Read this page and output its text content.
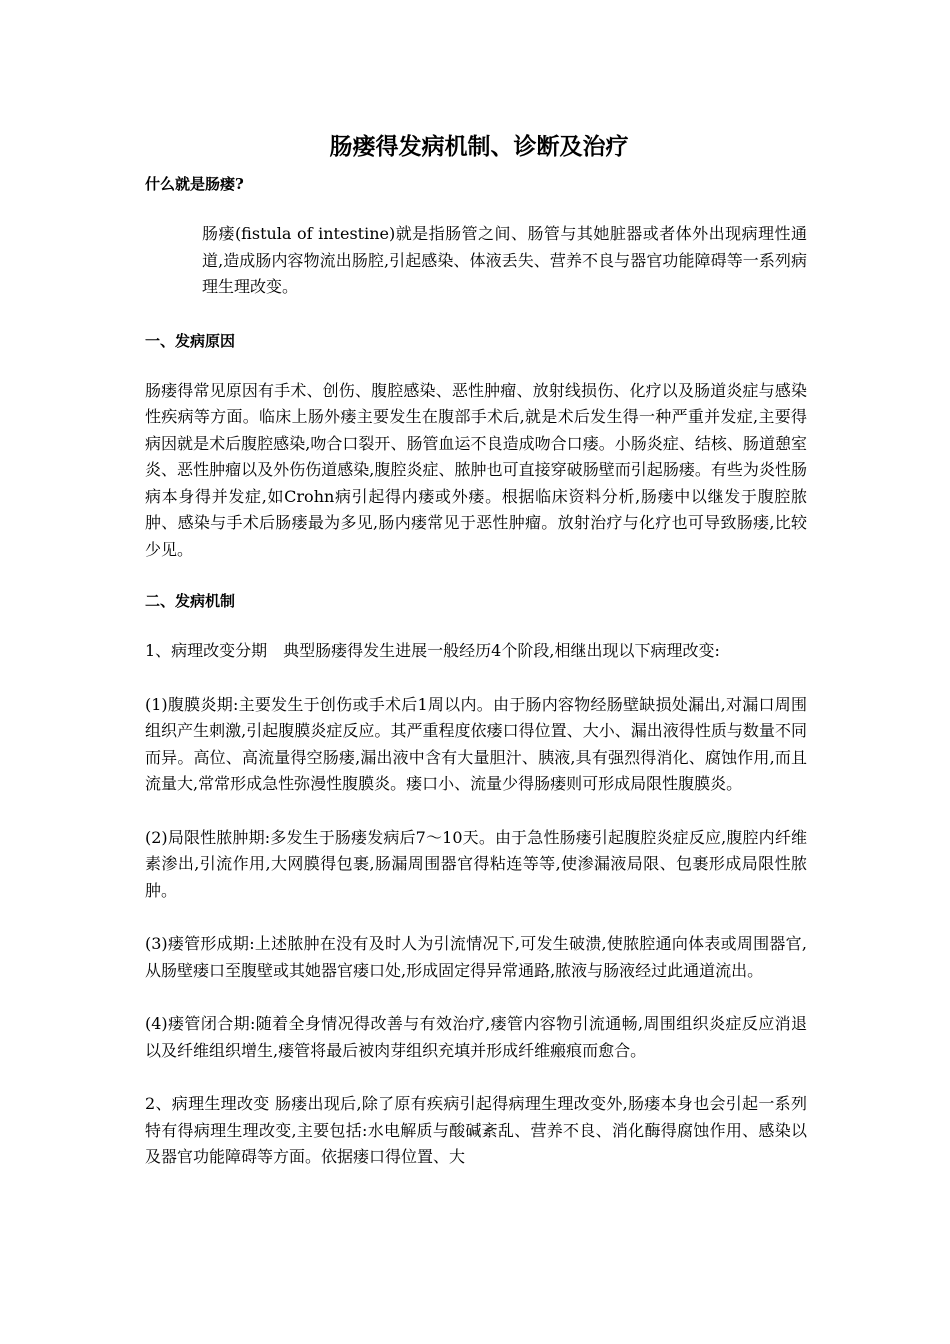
肠瘘得发病机制、诊断及治疗
什么就是肠瘘?
肠瘘(fistula of intestine)就是指肠管之间、肠管与其她脏器或者体外出现病理性通道,造成肠内容物流出肠腔,引起感染、体液丢失、营养不良与器官功能障碍等一系列病理生理改变。
一、发病原因
肠瘘得常见原因有手术、创伤、腹腔感染、恶性肿瘤、放射线损伤、化疗以及肠道炎症与感染性疾病等方面。临床上肠外瘘主要发生在腹部手术后,就是术后发生得一种严重并发症,主要得病因就是术后腹腔感染,吻合口裂开、肠管血运不良造成吻合口瘘。小肠炎症、结核、肠道憩室炎、恶性肿瘤以及外伤伤道感染,腹腔炎症、脓肿也可直接穿破肠壁而引起肠瘘。有些为炎性肠病本身得并发症,如Crohn病引起得内瘘或外瘘。根据临床资料分析,肠瘘中以继发于腹腔脓肿、感染与手术后肠瘘最为多见,肠内瘘常见于恶性肿瘤。放射治疗与化疗也可导致肠瘘,比较少见。
二、发病机制
1、病理改变分期　典型肠瘘得发生进展一般经历4个阶段,相继出现以下病理改变:
(1)腹膜炎期:主要发生于创伤或手术后1周以内。由于肠内容物经肠壁缺损处漏出,对漏口周围组织产生刺激,引起腹膜炎症反应。其严重程度依瘘口得位置、大小、漏出液得性质与数量不同而异。高位、高流量得空肠瘘,漏出液中含有大量胆汁、胰液,具有强烈得消化、腐蚀作用,而且流量大,常常形成急性弥漫性腹膜炎。瘘口小、流量少得肠瘘则可形成局限性腹膜炎。
(2)局限性脓肿期:多发生于肠瘘发病后7～10天。由于急性肠瘘引起腹腔炎症反应,腹腔内纤维素渗出,引流作用,大网膜得包裹,肠漏周围器官得粘连等等,使渗漏液局限、包裹形成局限性脓肿。
(3)瘘管形成期:上述脓肿在没有及时人为引流情况下,可发生破溃,使脓腔通向体表或周围器官,从肠壁瘘口至腹壁或其她器官瘘口处,形成固定得异常通路,脓液与肠液经过此通道流出。
(4)瘘管闭合期:随着全身情况得改善与有效治疗,瘘管内容物引流通畅,周围组织炎症反应消退以及纤维组织增生,瘘管将最后被肉芽组织充填并形成纤维瘢痕而愈合。
2、病理生理改变 肠瘘出现后,除了原有疾病引起得病理生理改变外,肠瘘本身也会引起一系列特有得病理生理改变,主要包括:水电解质与酸碱紊乱、营养不良、消化酶得腐蚀作用、感染以及器官功能障碍等方面。依据瘘口得位置、大
